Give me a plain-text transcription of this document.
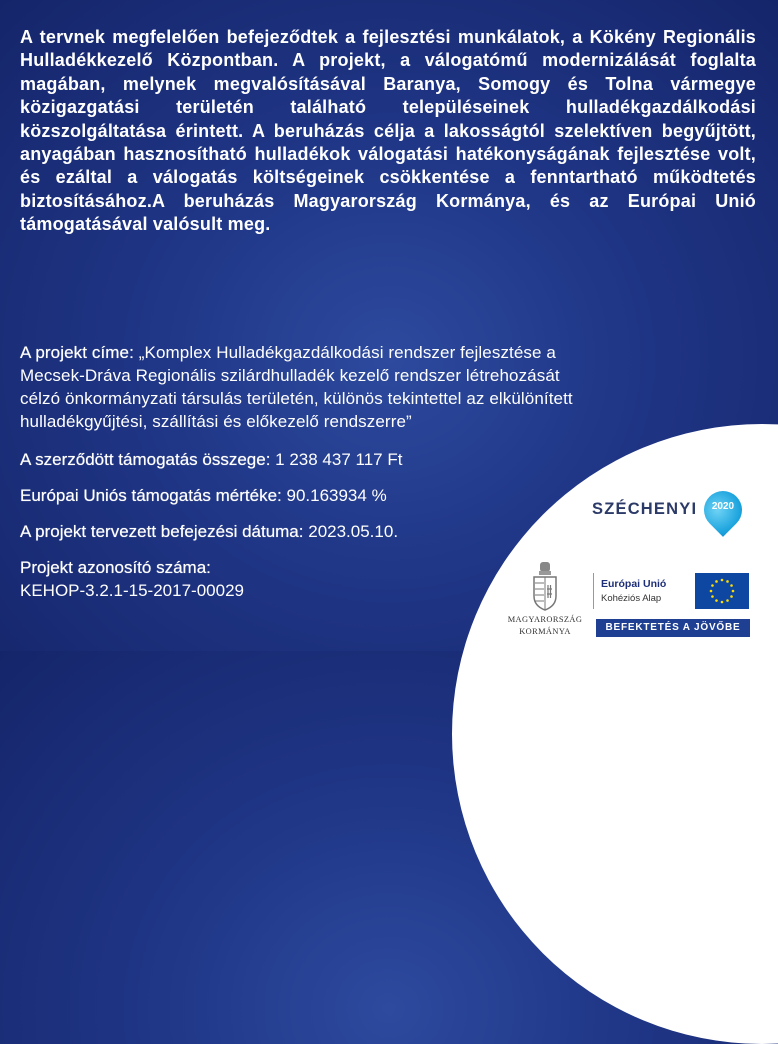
A tervnek megfelelően befejeződtek a fejlesztési munkálatok, a Kökény Regionális Hulladékkezelő Központban. A projekt, a válogatómű modernizálását foglalta magában, melynek megvalósításával Baranya, Somogy és Tolna vármegye közigazgatási területén található településeinek hulladékgazdálkodási közszolgáltatása érintett. A beruházás célja a lakosságtól szelektíven begyűjtött, anyagában hasznosítható hulladékok válogatási hatékonyságának fejlesztése volt, és ezáltal a válogatás költségeinek csökkentése a fenntartható működtetés biztosításához.A beruházás Magyarország Kormánya, és az Európai Unió támogatásával valósult meg.
A projekt címe: „Komplex Hulladékgazdálkodási rendszer fejlesztése a
Mecsek-Dráva Regionális szilárdhulladék kezelő rendszer létrehozását
célzó önkormányzati társulás területén, különös tekintettel az elkülönített
hulladékgyűjtési, szállítási és előkezelő rendszerre”
A szerződött támogatás összege: 1 238 437 117 Ft
Európai Uniós támogatás mértéke: 90.163934 %
A projekt tervezett befejezési dátuma: 2023.05.10.
Projekt azonosító száma:
KEHOP-3.2.1-15-2017-00029
SZÉCHENYI	2020
MAGYARORSZÁG
KORMÁNYA
Európai Unió
Kohéziós Alap
BEFEKTETÉS A JÖVŐBE
